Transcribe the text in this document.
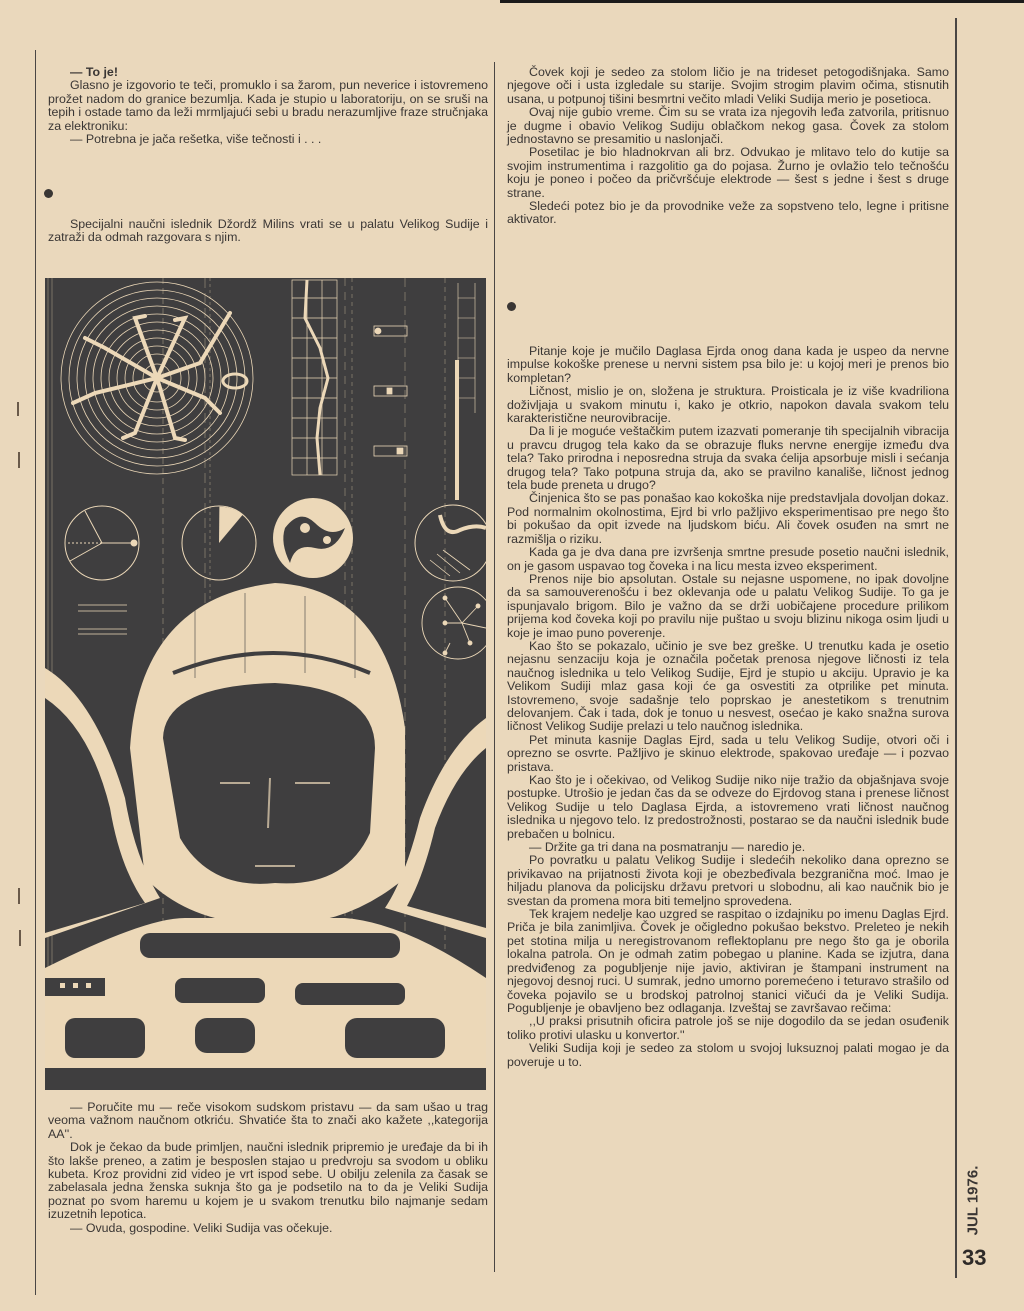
— To je!

Glasno je izgovorio te teči, promuklo i sa žarom, pun neverice i istovremeno prožet nadom do granice bezumlja. Kada je stupio u laboratoriju, on se sruši na tepih i ostade tamo da leži mrmljajući sebi u bradu nerazumljive fraze stručnjaka za elektroniku:

— Potrebna je jača rešetka, više tečnosti i . . .

Specijalni naučni islednik Džordž Milins vrati se u palatu Velikog Sudije i zatraži da odmah razgovara s njim.

— Poručite mu — reče visokom sudskom pristavu — da sam ušao u trag veoma važnom naučnom otkriću. Shvatiće šta to znači ako kažete ,,kategorija AA''.

Dok je čekao da bude primljen, naučni islednik pripremio je uređaje da bi ih što lakše preneo, a zatim je besposlen stajao u predvroju sa svodom u obliku kubeta. Kroz providni zid video je vrt ispod sebe. U obilju zelenila za časak se zabelasala jedna ženska suknja što ga je podsetilo na to da je Veliki Sudija poznat po svom haremu u kojem je u svakom trenutku bilo najmanje sedam izuzetnih lepotica.

— Ovuda, gospodine. Veliki Sudija vas očekuje.

Čovek koji je sedeo za stolom ličio je na trideset petogodišnjaka. Samo njegove oči i usta izgledale su starije. Svojim strogim plavim očima, stisnutih usana, u potpunoj tišini besmrtni večito mladi Veliki Sudija merio je posetioca.

Ovaj nije gubio vreme. Čim su se vrata iza njegovih leđa zatvorila, pritisnuo je dugme i obavio Velikog Sudiju oblačkom nekog gasa. Čovek za stolom jednostavno se presamitio u naslonjači.

Posetilac je bio hladnokrvan ali brz. Odvukao je mlitavo telo do kutije sa svojim instrumentima i razgolitio ga do pojasa. Žurno je ovlažio telo tečnošću koju je poneo i počeo da pričvršćuje elektrode — šest s jedne i šest s druge strane.

Sledeći potez bio je da provodnike veže za sopstveno telo, legne i pritisne aktivator.

Pitanje koje je mučilo Daglasa Ejrda onog dana kada je uspeo da nervne impulse kokoške prenese u nervni sistem psa bilo je: u kojoj meri je prenos bio kompletan?

Ličnost, mislio je on, složena je struktura. Proisticala je iz više kvadriliona doživljaja u svakom minutu i, kako je otkrio, napokon davala svakom telu karakteristične neurovibracije.

Da li je moguće veštačkim putem izazvati pomeranje tih specijalnih vibracija u pravcu drugog tela kako da se obrazuje fluks nervne energije između dva tela? Tako prirodna i neposredna struja da svaka ćelija apsorbuje misli i sećanja drugog tela? Tako potpuna struja da, ako se pravilno kanališe, ličnost jednog tela bude preneta u drugo?

Činjenica što se pas ponašao kao kokoška nije predstavljala dovoljan dokaz. Pod normalnim okolnostima, Ejrd bi vrlo pažljivo eksperimentisao pre nego što bi pokušao da opit izvede na ljudskom biću. Ali čovek osuđen na smrt ne razmišlja o riziku.

Kada ga je dva dana pre izvršenja smrtne presude posetio naučni islednik, on je gasom uspavao tog čoveka i na licu mesta izveo eksperiment.

Prenos nije bio apsolutan. Ostale su nejasne uspomene, no ipak dovoljne da sa samouverenošću i bez oklevanja ode u palatu Velikog Sudije. To ga je ispunjavalo brigom. Bilo je važno da se drži uobičajene procedure prilikom prijema kod čoveka koji po pravilu nije puštao u svoju blizinu nikoga osim ljudi u koje je imao puno poverenje.

Kao što se pokazalo, učinio je sve bez greške. U trenutku kada je osetio nejasnu senzaciju koja je označila početak prenosa njegove ličnosti iz tela naučnog islednika u telo Velikog Sudije, Ejrd je stupio u akciju. Upravio je ka Velikom Sudiji mlaz gasa koji će ga osvestiti za otprilike pet minuta. Istovremeno, svoje sadašnje telo poprskao je anestetikom s trenutnim delovanjem. Čak i tada, dok je tonuo u nesvest, osećao je kako snažna surova ličnost Velikog Sudije prelazi u telo naučnog islednika.

Pet minuta kasnije Daglas Ejrd, sada u telu Velikog Sudije, otvori oči i oprezno se osvrte. Pažljivo je skinuo elektrode, spakovao uređaje — i pozvao pristava.

Kao što je i očekivao, od Velikog Sudije niko nije tražio da objašnjava svoje postupke. Utrošio je jedan čas da se odveze do Ejrdovog stana i prenese ličnost Velikog Sudije u telo Daglasa Ejrda, a istovremeno vrati ličnost naučnog islednika u njegovo telo. Iz predostrožnosti, postarao se da naučni islednik bude prebačen u bolnicu.

— Držite ga tri dana na posmatranju — naredio je.

Po povratku u palatu Velikog Sudije i sledećih nekoliko dana oprezno se privikavao na prijatnosti života koji je obezbeđivala bezgranična moć. Imao je hiljadu planova da policijsku državu pretvori u slobodnu, ali kao naučnik bio je svestan da promena mora biti temeljno sprovedena.

Tek krajem nedelje kao uzgred se raspitao o izdajniku po imenu Daglas Ejrd. Priča je bila zanimljiva. Čovek je očigledno pokušao bekstvo. Preleteo je nekih pet stotina milja u neregistrovanom reflektoplanu pre nego što ga je oborila lokalna patrola. On je odmah zatim pobegao u planine. Kada se izjutra, dana predviđenog za pogubljenje nije javio, aktiviran je štampani instrument na njegovoj desnoj ruci. U sumrak, jedno umorno poremećeno i teturavo strašilo od čoveka pojavilo se u brodskoj patrolnoj stanici vičući da je Veliki Sudija. Pogubljenje je obavljeno bez odlaganja. Izveštaj se završavao rečima:

,,U praksi prisutnih oficira patrole još se nije dogodilo da se jedan osuđenik toliko protivi ulasku u konvertor.''

Veliki Sudija koji je sedeo za stolom u svojoj luksuznoj palati mogao je da poveruje u to.

JUL 1976.
33
